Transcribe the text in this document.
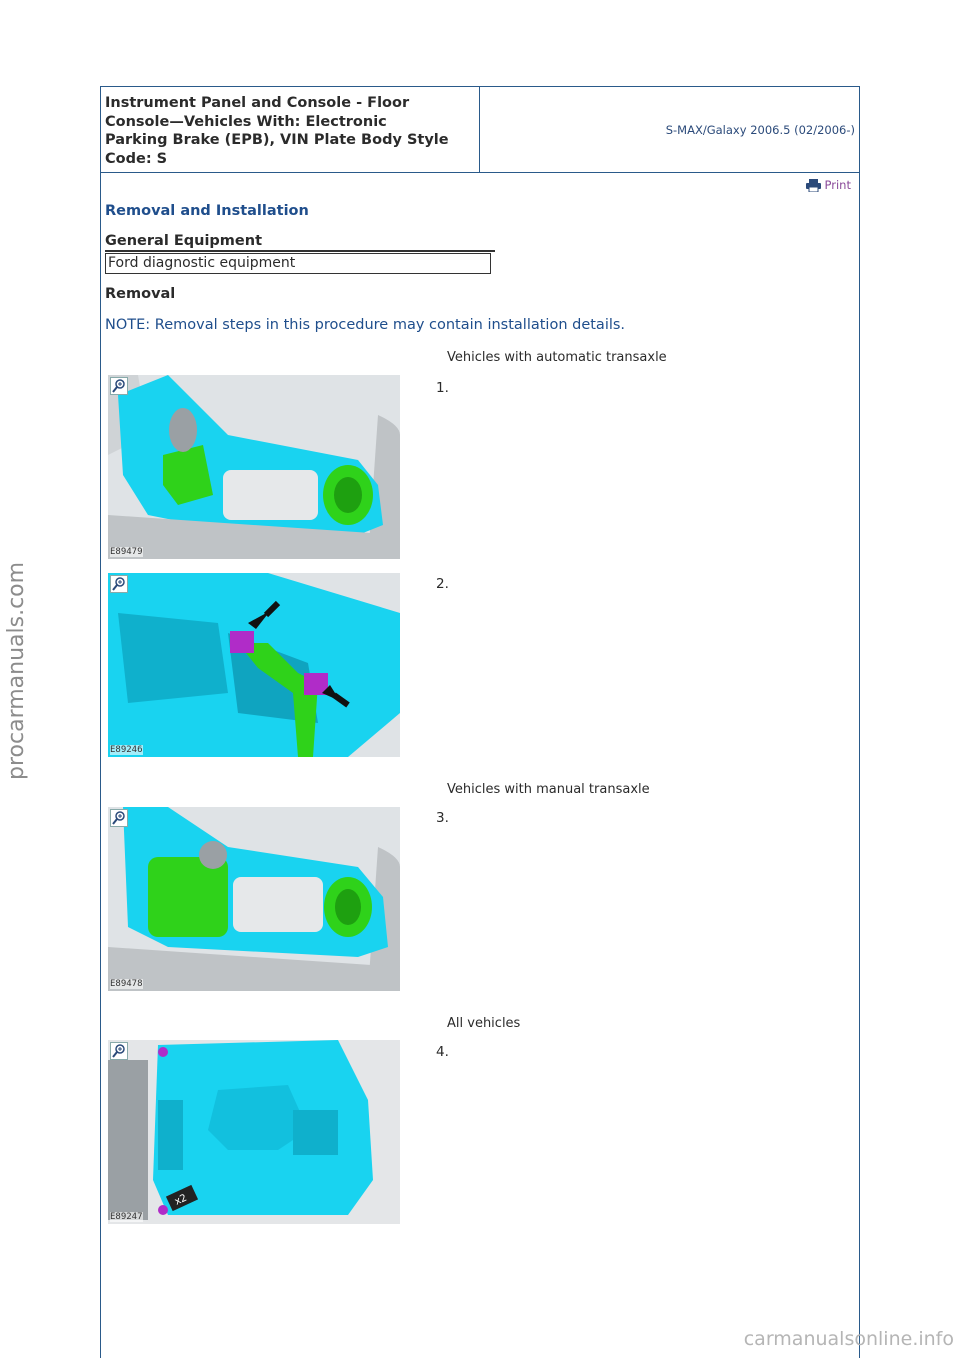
Instrument Panel and Console - Floor
Console—Vehicles With: Electronic
Parking Brake (EPB), VIN Plate Body Style
Code: S
S-MAX/Galaxy 2006.5 (02/2006-)
Print
Removal and Installation
General Equipment
Ford diagnostic equipment
Removal
NOTE: Removal steps in this procedure may contain installation details.
Vehicles with automatic transaxle
1.
E89479
2.
E89246
Vehicles with manual transaxle
3.
E89478
All vehicles
4.
x2
E89247
procarmanuals.com
carmanualsonline.info
